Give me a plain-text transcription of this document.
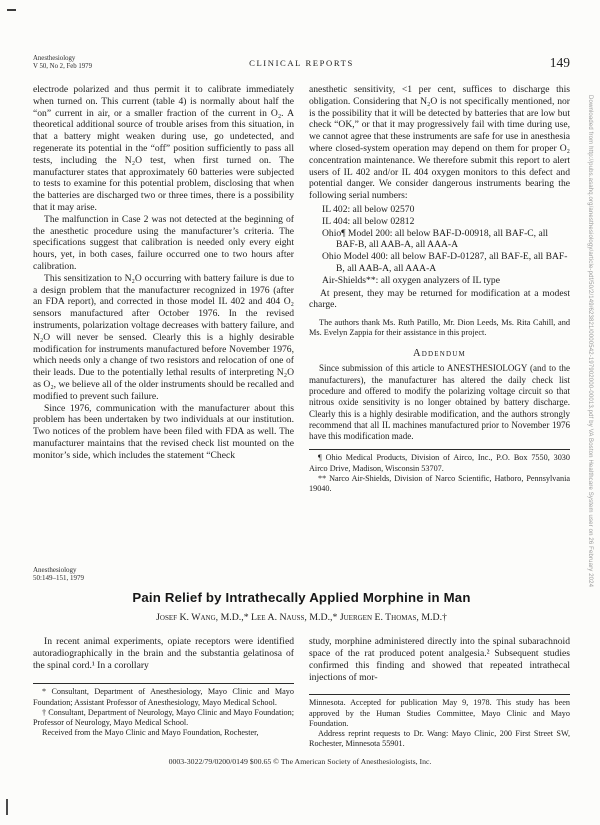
Anesthesiology
V 50, No 2, Feb 1979	CLINICAL REPORTS	149

electrode polarized and thus permit it to calibrate immediately when turned on. This current (table 4) is normally about half the “on” current in air, or a smaller fraction of the current in O₂. A theoretical additional source of trouble arises from this situation, in that a battery might weaken during use, go undetected, and regenerate its potential in the “off” position sufficiently to pass all tests, including the N₂O test, when first turned on. The manufacturer states that approximately 60 batteries were subjected to tests to examine for this potential problem, disclosing that when the batteries are discharged two or three times, there is a possibility that it may arise.

The malfunction in Case 2 was not detected at the beginning of the anesthetic procedure using the manufacturer’s criteria. The specifications suggest that calibration is needed only every eight hours, yet, in both cases, failure occurred one to two hours after calibration.

This sensitization to N₂O occurring with battery failure is due to a design problem that the manufacturer recognized in 1976 (after an FDA report), and corrected in those model IL 402 and 404 O₂ sensors manufactured after October 1976. In the revised instruments, polarization voltage decreases with battery failure, and N₂O will never be sensed. Clearly this is a highly desirable modification for instruments manufactured before November 1976, which needs only a change of two resistors and relocation of one of their leads. Due to the potentially lethal results of interpreting N₂O as O₂, we believe all of the older instruments should be recalled and modified to prevent such failure.

Since 1976, communication with the manufacturer about this problem has been undertaken by two individuals at our institution. Two notices of the problem have been filed with FDA as well. The manufacturer maintains that the revised check list mounted on the monitor’s side, which includes the statement “Check

anesthetic sensitivity, <1 per cent, suffices to discharge this obligation. Considering that N₂O is not specifically mentioned, nor is the possibility that it will be detected by batteries that are low but check “OK,” or that it may progressively fail with time during use, we cannot agree that these instruments are safe for use in anesthesia where closed-system operation may depend on them for proper O₂ concentration maintenance. We therefore submit this report to alert users of IL 402 and/or IL 404 oxygen monitors to this defect and potential danger. We consider dangerous instruments bearing the following serial numbers:

IL 402: all below 02570
IL 404: all below 02812
Ohio¶ Model 200: all below BAF-D-00918, all BAF-C, all BAF-B, all AAB-A, all AAA-A
Ohio Model 400: all below BAF-D-01287, all BAF-E, all BAF-B, all AAB-A, all AAA-A
Air-Shields**: all oxygen analyzers of IL type

At present, they may be returned for modification at a modest charge.

The authors thank Ms. Ruth Patillo, Mr. Dion Leeds, Ms. Rita Cahill, and Ms. Evelyn Zappia for their assistance in this project.

Addendum

Since submission of this article to ANESTHESIOLOGY (and to the manufacturers), the manufacturer has altered the daily check list procedure and offered to modify the polarizing voltage circuit so that nitrous oxide sensitivity is no longer obtained by battery discharge. Clearly this is a highly desirable modification, and the authors strongly recommend that all IL machines manufactured prior to November 1976 have this modification made.

¶ Ohio Medical Products, Division of Airco, Inc., P.O. Box 7550, 3030 Airco Drive, Madison, Wisconsin 53707.

** Narco Air-Shields, Division of Narco Scientific, Hatboro, Pennsylvania 19040.

Anesthesiology
50:149–151, 1979
Pain Relief by Intrathecally Applied Morphine in Man
Josef K. Wang, M.D.,* Lee A. Nauss, M.D.,* Juergen E. Thomas, M.D.†

In recent animal experiments, opiate receptors were identified autoradiographically in the brain and the substantia gelatinosa of the spinal cord.¹ In a corollary

* Consultant, Department of Anesthesiology, Mayo Clinic and Mayo Foundation; Assistant Professor of Anesthesiology, Mayo Medical School.

† Consultant, Department of Neurology, Mayo Clinic and Mayo Foundation; Professor of Neurology, Mayo Medical School.

Received from the Mayo Clinic and Mayo Foundation, Rochester,

study, morphine administered directly into the spinal subarachnoid space of the rat produced potent analgesia.² Subsequent studies confirmed this finding and showed that repeated intrathecal injections of mor-

Minnesota. Accepted for publication May 9, 1978. This study has been approved by the Human Studies Committee, Mayo Clinic and Mayo Foundation.

Address reprint requests to Dr. Wang: Mayo Clinic, 200 First Street SW, Rochester, Minnesota 55901.

0003-3022/79/0200/0149 $00.65 © The American Society of Anesthesiologists, Inc.
Downloaded from http://pubs.asahq.org/anesthesiology/article-pdf/50/2/149/623821/0000542-197902000-00013.pdf by VA Boston Healthcare System user on 26 February 2024
